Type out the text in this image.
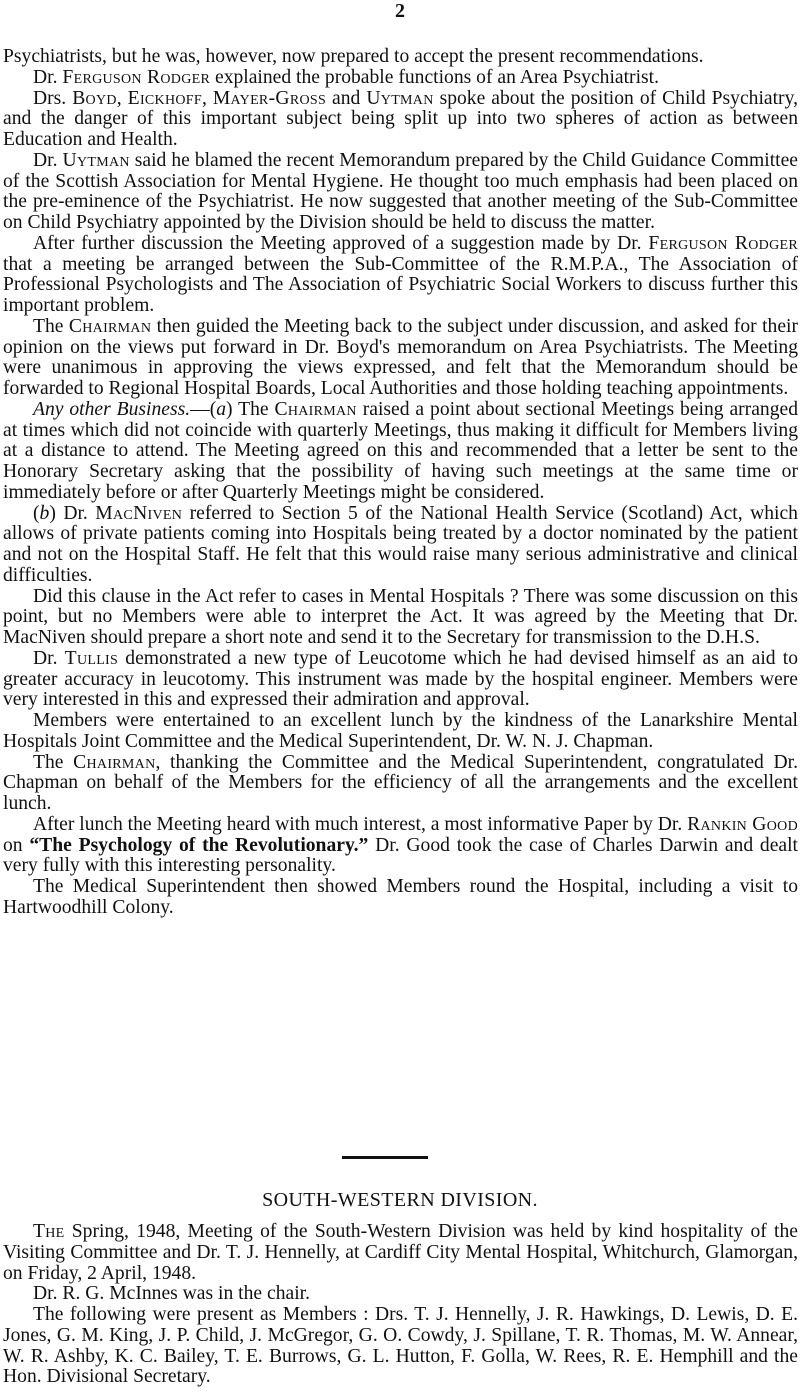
2

Psychiatrists, but he was, however, now prepared to accept the present recommendations.

Dr. Ferguson Rodger explained the probable functions of an Area Psychiatrist.

Drs. Boyd, Eickhoff, Mayer-Gross and Uytman spoke about the position of Child Psychiatry, and the danger of this important subject being split up into two spheres of action as between Education and Health.

Dr. Uytman said he blamed the recent Memorandum prepared by the Child Guidance Committee of the Scottish Association for Mental Hygiene. He thought too much emphasis had been placed on the pre-eminence of the Psychiatrist. He now suggested that another meeting of the Sub-Committee on Child Psychiatry appointed by the Division should be held to discuss the matter.

After further discussion the Meeting approved of a suggestion made by Dr. Ferguson Rodger that a meeting be arranged between the Sub-Committee of the R.M.P.A., The Association of Professional Psychologists and The Association of Psychiatric Social Workers to discuss further this important problem.

The Chairman then guided the Meeting back to the subject under discussion, and asked for their opinion on the views put forward in Dr. Boyd's memorandum on Area Psychiatrists. The Meeting were unanimous in approving the views expressed, and felt that the Memorandum should be forwarded to Regional Hospital Boards, Local Authorities and those holding teaching appointments.

Any other Business.—(a) The Chairman raised a point about sectional Meetings being arranged at times which did not coincide with quarterly Meetings, thus making it difficult for Members living at a distance to attend. The Meeting agreed on this and recommended that a letter be sent to the Honorary Secretary asking that the possibility of having such meetings at the same time or immediately before or after Quarterly Meetings might be considered.

(b) Dr. MacNiven referred to Section 5 of the National Health Service (Scotland) Act, which allows of private patients coming into Hospitals being treated by a doctor nominated by the patient and not on the Hospital Staff. He felt that this would raise many serious administrative and clinical difficulties.

Did this clause in the Act refer to cases in Mental Hospitals ? There was some discussion on this point, but no Members were able to interpret the Act. It was agreed by the Meeting that Dr. MacNiven should prepare a short note and send it to the Secretary for transmission to the D.H.S.

Dr. Tullis demonstrated a new type of Leucotome which he had devised himself as an aid to greater accuracy in leucotomy. This instrument was made by the hospital engineer. Members were very interested in this and expressed their admiration and approval.

Members were entertained to an excellent lunch by the kindness of the Lanarkshire Mental Hospitals Joint Committee and the Medical Superintendent, Dr. W. N. J. Chapman.

The Chairman, thanking the Committee and the Medical Superintendent, congratulated Dr. Chapman on behalf of the Members for the efficiency of all the arrangements and the excellent lunch.

After lunch the Meeting heard with much interest, a most informative Paper by Dr. Rankin Good on “The Psychology of the Revolutionary.” Dr. Good took the case of Charles Darwin and dealt very fully with this interesting personality.

The Medical Superintendent then showed Members round the Hospital, including a visit to Hartwoodhill Colony.

SOUTH-WESTERN DIVISION.

The Spring, 1948, Meeting of the South-Western Division was held by kind hospitality of the Visiting Committee and Dr. T. J. Hennelly, at Cardiff City Mental Hospital, Whitchurch, Glamorgan, on Friday, 2 April, 1948.

Dr. R. G. McInnes was in the chair.

The following were present as Members : Drs. T. J. Hennelly, J. R. Hawkings, D. Lewis, D. E. Jones, G. M. King, J. P. Child, J. McGregor, G. O. Cowdy, J. Spillane, T. R. Thomas, M. W. Annear, W. R. Ashby, K. C. Bailey, T. E. Burrows, G. L. Hutton, F. Golla, W. Rees, R. E. Hemphill and the Hon. Divisional Secretary.
